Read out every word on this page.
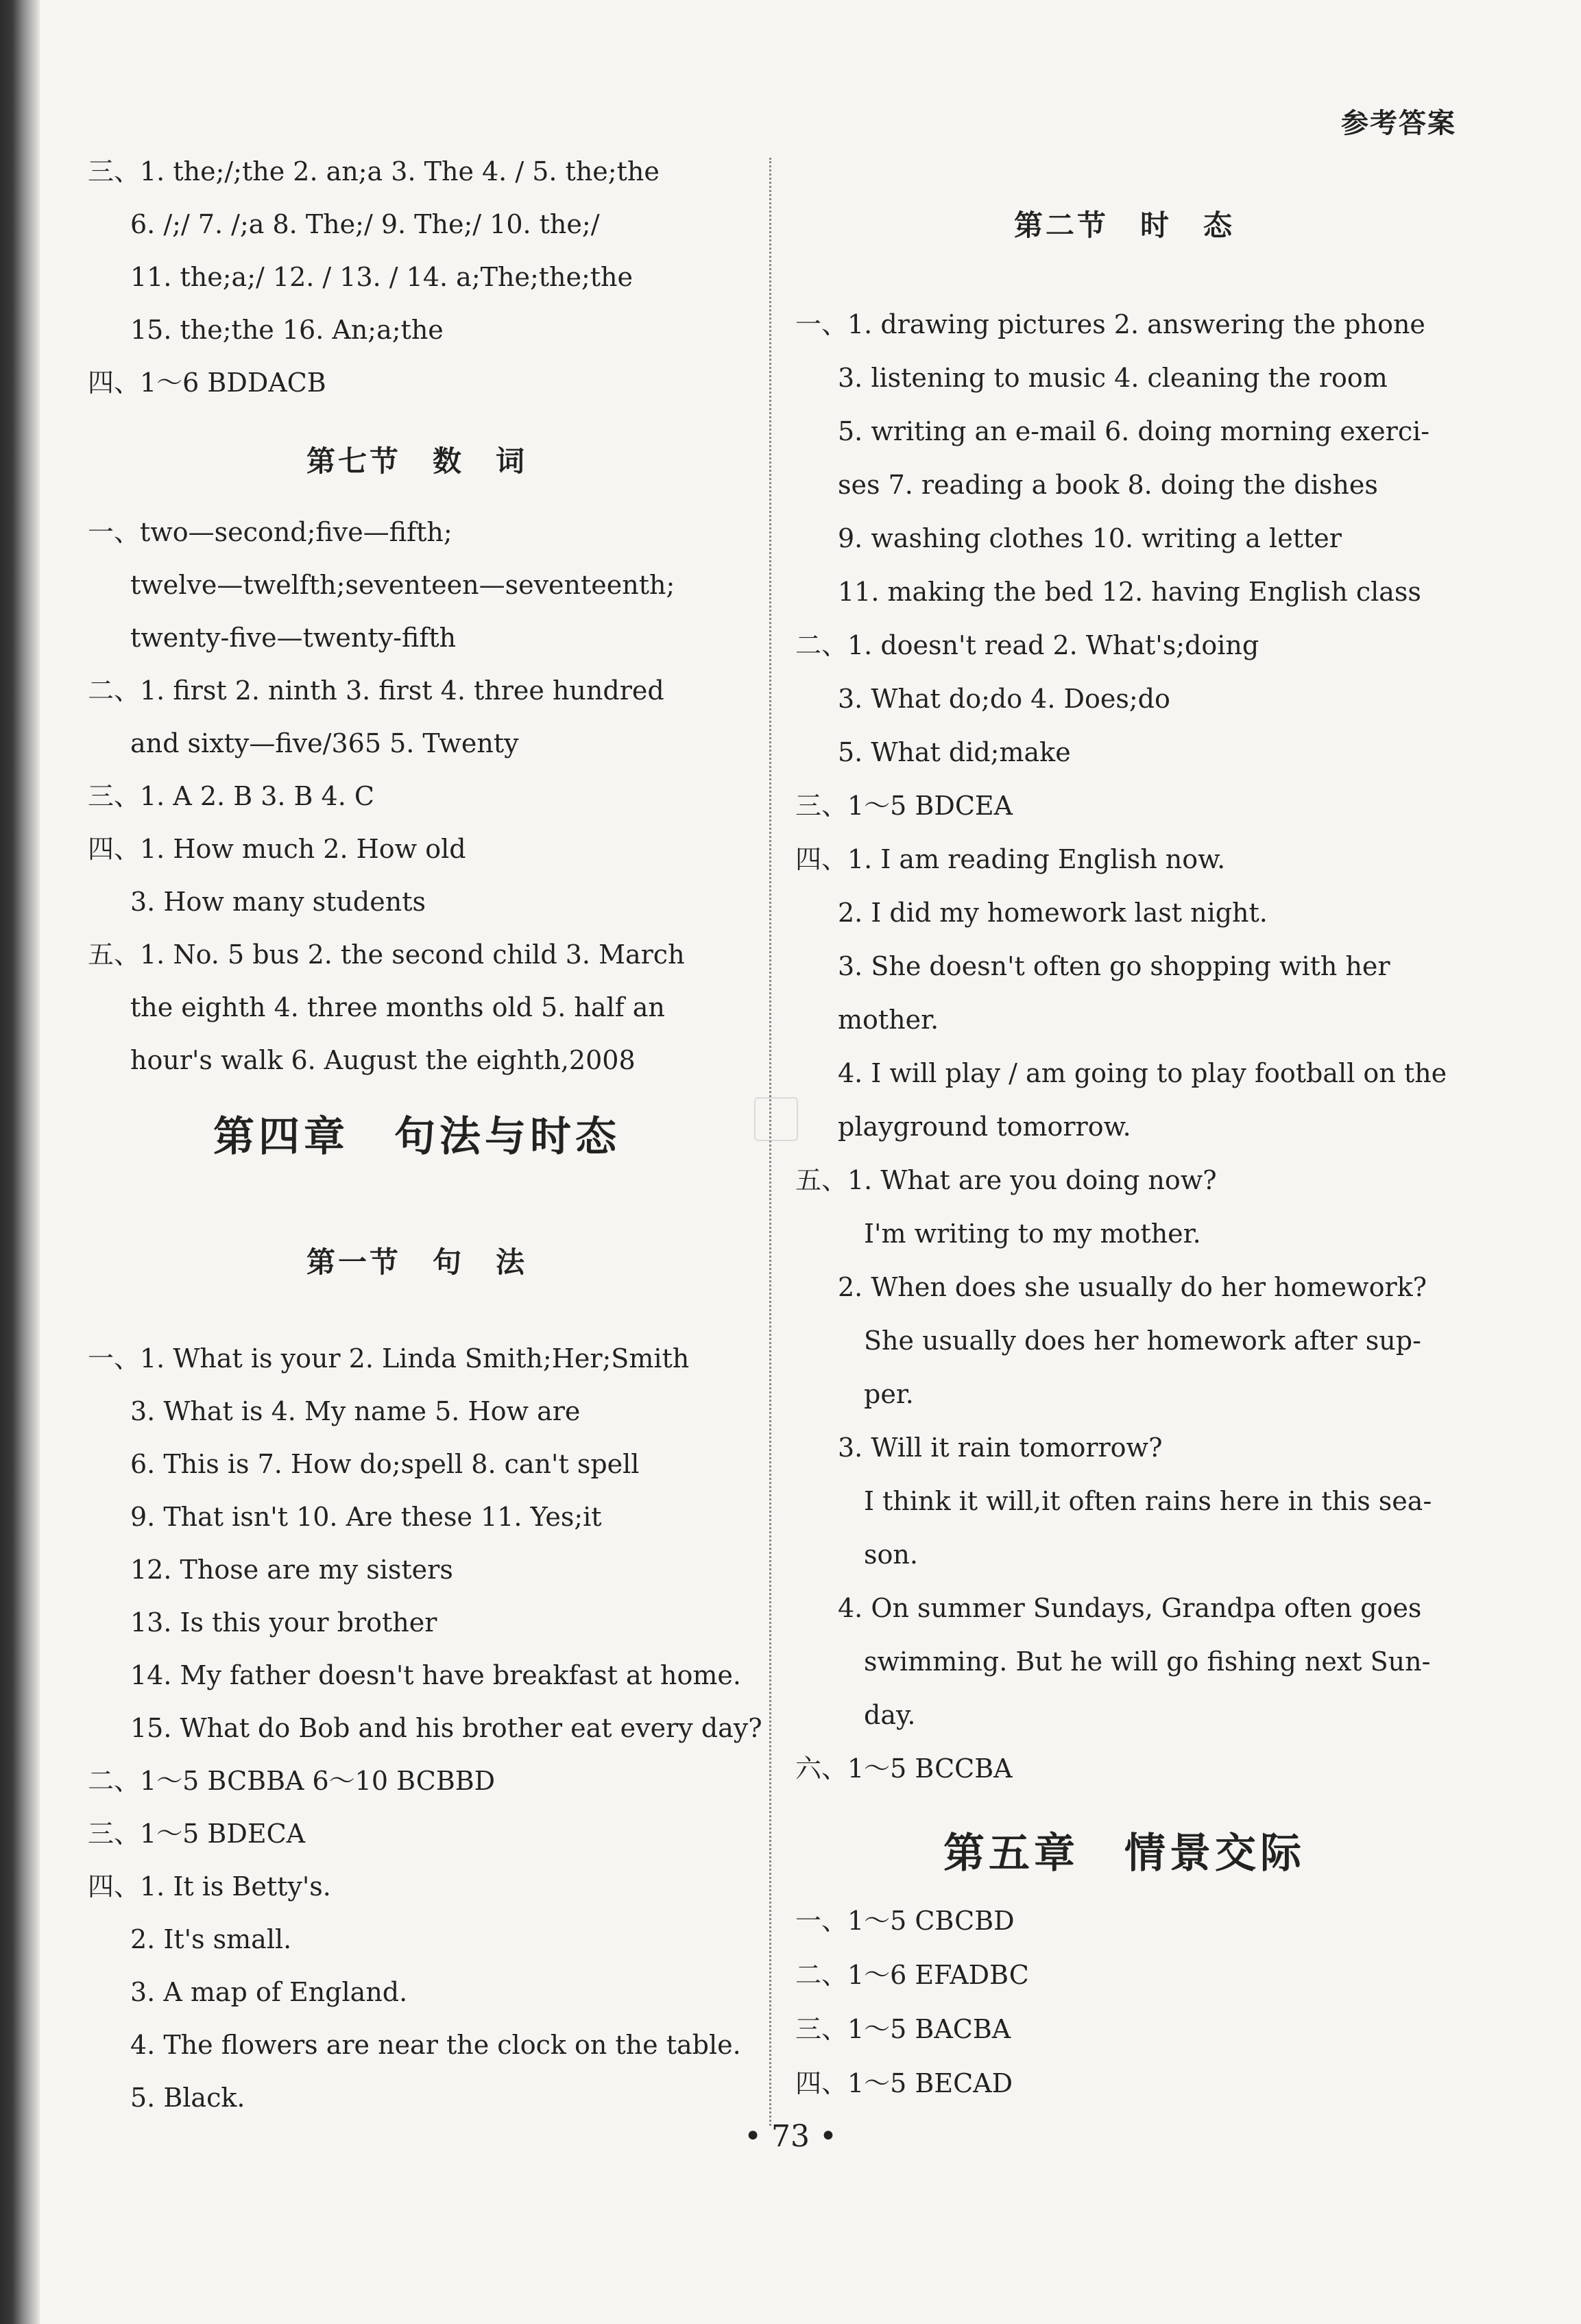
参考答案
三、1. the;/;the 2. an;a 3. The 4. / 5. the;the
6. /;/ 7. /;a 8. The;/ 9. The;/ 10. the;/
11. the;a;/ 12. / 13. / 14. a;The;the;the
15. the;the 16. An;a;the
四、1～6 BDDACB
第七节　数　词
一、two—second;five—fifth;
twelve—twelfth;seventeen—seventeenth;
twenty-five—twenty-fifth
二、1. first 2. ninth 3. first 4. three hundred
and sixty—five/365 5. Twenty
三、1. A 2. B 3. B 4. C
四、1. How much 2. How old
3. How many students
五、1. No. 5 bus 2. the second child 3. March
the eighth 4. three months old 5. half an
hour's walk 6. August the eighth,2008
第四章　句法与时态
第一节　句　法
一、1. What is your 2. Linda Smith;Her;Smith
3. What is 4. My name 5. How are
6. This is 7. How do;spell 8. can't spell
9. That isn't 10. Are these 11. Yes;it
12. Those are my sisters
13. Is this your brother
14. My father doesn't have breakfast at home.
15. What do Bob and his brother eat every day?
二、1～5 BCBBA 6～10 BCBBD
三、1～5 BDECA
四、1. It is Betty's.
2. It's small.
3. A map of England.
4. The flowers are near the clock on the table.
5. Black.
第二节　时　态
一、1. drawing pictures 2. answering the phone
3. listening to music 4. cleaning the room
5. writing an e-mail 6. doing morning exerci-
ses 7. reading a book 8. doing the dishes
9. washing clothes 10. writing a letter
11. making the bed 12. having English class
二、1. doesn't read 2. What's;doing
3. What do;do 4. Does;do
5. What did;make
三、1～5 BDCEA
四、1. I am reading English now.
2. I did my homework last night.
3. She doesn't often go shopping with her
mother.
4. I will play / am going to play football on the
playground tomorrow.
五、1. What are you doing now?
I'm writing to my mother.
2. When does she usually do her homework?
She usually does her homework after sup-
per.
3. Will it rain tomorrow?
I think it will,it often rains here in this sea-
son.
4. On summer Sundays, Grandpa often goes
swimming. But he will go fishing next Sun-
day.
六、1～5 BCCBA
第五章　情景交际
一、1～5 CBCBD
二、1～6 EFADBC
三、1～5 BACBA
四、1～5 BECAD
• 73 •
